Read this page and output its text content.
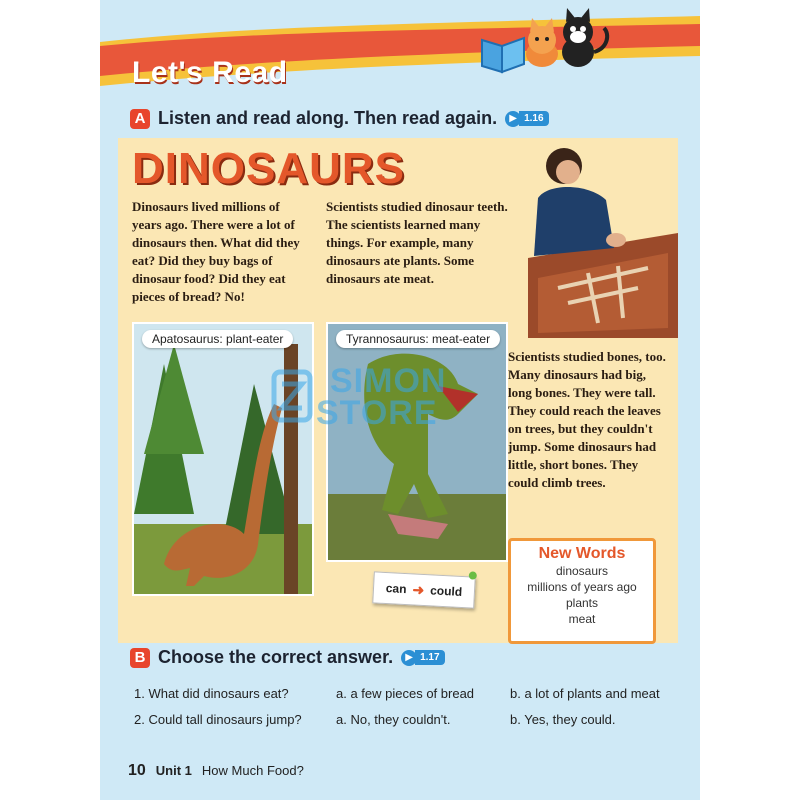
Let's Read
A Listen and read along. Then read again.	▶ 1.16
DINOSAURS

Dinosaurs lived millions of years ago. There were a lot of dinosaurs then. What did they eat? Did they buy bags of dinosaur food? Did they eat pieces of bread? No!

Scientists studied dinosaur teeth. The scientists learned many things. For example, many dinosaurs ate plants. Some dinosaurs ate meat.

Scientists studied bones, too. Many dinosaurs had big, long bones. They were tall. They could reach the leaves on trees, but they couldn't jump. Some dinosaurs had little, short bones. They could climb trees.

Apatosaurus: plant-eater	Tyrannosaurus: meat-eater
can ➜ could
New Words
dinosaurs
millions of years ago
plants
meat
SIMON
STORE
B Choose the correct answer.	▶ 1.17
1. What did dinosaurs eat?	a. a few pieces of bread	b. a lot of plants and meat
2. Could tall dinosaurs jump?	a. No, they couldn't.	b. Yes, they could.
10 Unit 1 How Much Food?
